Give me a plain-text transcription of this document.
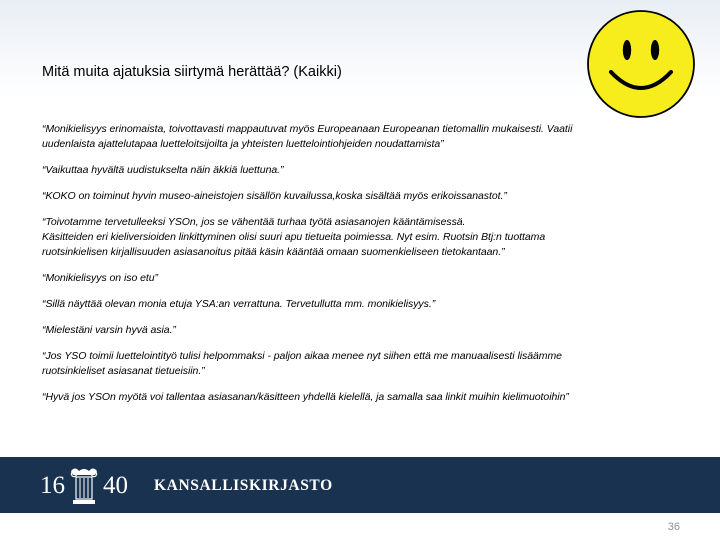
Mitä muita ajatuksia siirtymä herättää? (Kaikki)
“Monikielisyys erinomaista, toivottavasti mappautuvat myös Europeanaan Europeanan tietomallin mukaisesti. Vaatii
uudenlaista ajattelutapaa luetteloitsijoilta ja yhteisten luettelointiohjeiden noudattamista”
“Vaikuttaa hyvältä uudistukselta näin äkkiä luettuna.”
“KOKO on toiminut hyvin museo-aineistojen sisällön kuvailussa,koska sisältää myös erikoissanastot.”
“Toivotamme tervetulleeksi YSOn, jos se vähentää turhaa työtä asiasanojen kääntämisessä.
Käsitteiden eri kieliversioiden linkittyminen olisi suuri apu tietueita poimiessa. Nyt esim. Ruotsin Btj:n tuottama
ruotsinkielisen kirjallisuuden asiasanoitus pitää käsin kääntää omaan suomenkieliseen tietokantaan.”
“Monikielisyys on iso etu”
“Sillä näyttää olevan monia etuja YSA:an verrattuna. Tervetullutta mm. monikielisyys.”
“Mielestäni varsin hyvä asia.”
“Jos YSO toimii luettelointityö tulisi helpommaksi - paljon aikaa menee nyt siihen että me manuaalisesti lisäämme
ruotsinkieliset asiasanat tietueisiin.”
“Hyvä jos YSOn myötä voi tallentaa asiasanan/käsitteen yhdellä kielellä, ja samalla saa linkit muihin kielimuotoihin”
16 40 KANSALLISKIRJASTO
36
